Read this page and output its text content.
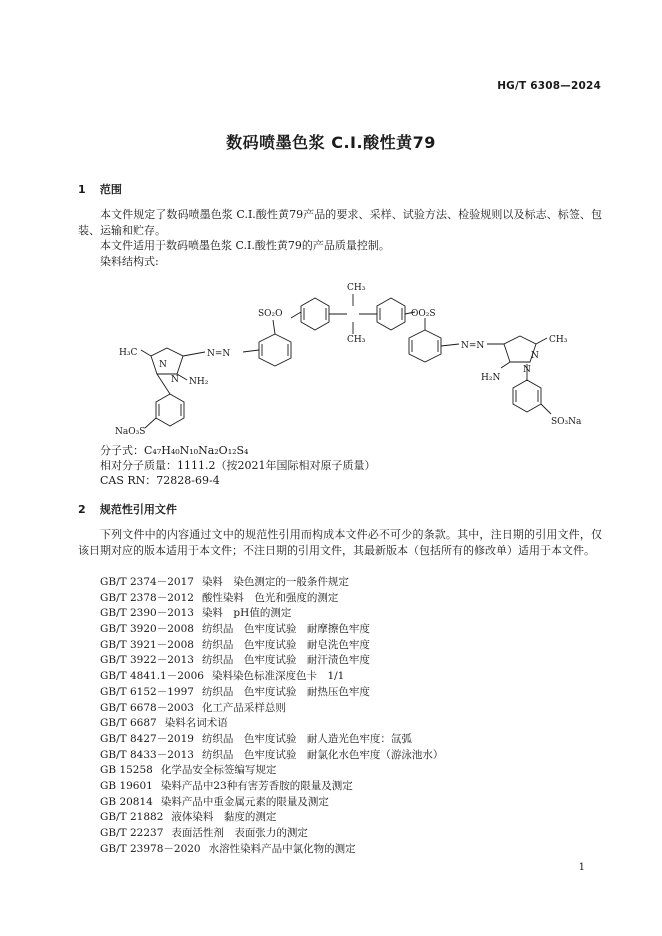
HG/T 6308—2024
数码喷墨色浆 C.I.酸性黄79
1 范围
本文件规定了数码喷墨色浆 C.I.酸性黄79产品的要求、采样、试验方法、检验规则以及标志、标签、包装、运输和贮存。
本文件适用于数码喷墨色浆 C.I.酸性黄79的产品质量控制。
染料结构式:
H₃C
N
N NH₂
NaO₃S
N=N
SO₂O
CH₃
CH₃
OO₂S
N=N
CH₃
H₂N
N
N
SO₃Na
分子式：C₄₇H₄₀N₁₀Na₂O₁₂S₄
相对分子质量：1111.2（按2021年国际相对原子质量）
CAS RN：72828-69-4
2 规范性引用文件
下列文件中的内容通过文中的规范性引用而构成本文件必不可少的条款。其中，注日期的引用文件，仅该日期对应的版本适用于本文件；不注日期的引用文件，其最新版本（包括所有的修改单）适用于本文件。
GB/T 2374－2017 染料　染色测定的一般条件规定
GB/T 2378－2012 酸性染料　色光和强度的测定
GB/T 2390－2013 染料　pH值的测定
GB/T 3920－2008 纺织品　色牢度试验　耐摩擦色牢度
GB/T 3921－2008 纺织品　色牢度试验　耐皂洗色牢度
GB/T 3922－2013 纺织品　色牢度试验　耐汗渍色牢度
GB/T 4841.1－2006 染料染色标准深度色卡　1/1
GB/T 6152－1997 纺织品　色牢度试验　耐热压色牢度
GB/T 6678－2003 化工产品采样总则
GB/T 6687 染料名词术语
GB/T 8427－2019 纺织品　色牢度试验　耐人造光色牢度：氙弧
GB/T 8433－2013 纺织品　色牢度试验　耐氯化水色牢度（游泳池水）
GB 15258 化学品安全标签编写规定
GB 19601 染料产品中23种有害芳香胺的限量及测定
GB 20814 染料产品中重金属元素的限量及测定
GB/T 21882 液体染料　黏度的测定
GB/T 22237 表面活性剂　表面张力的测定
GB/T 23978－2020 水溶性染料产品中氯化物的测定
1
